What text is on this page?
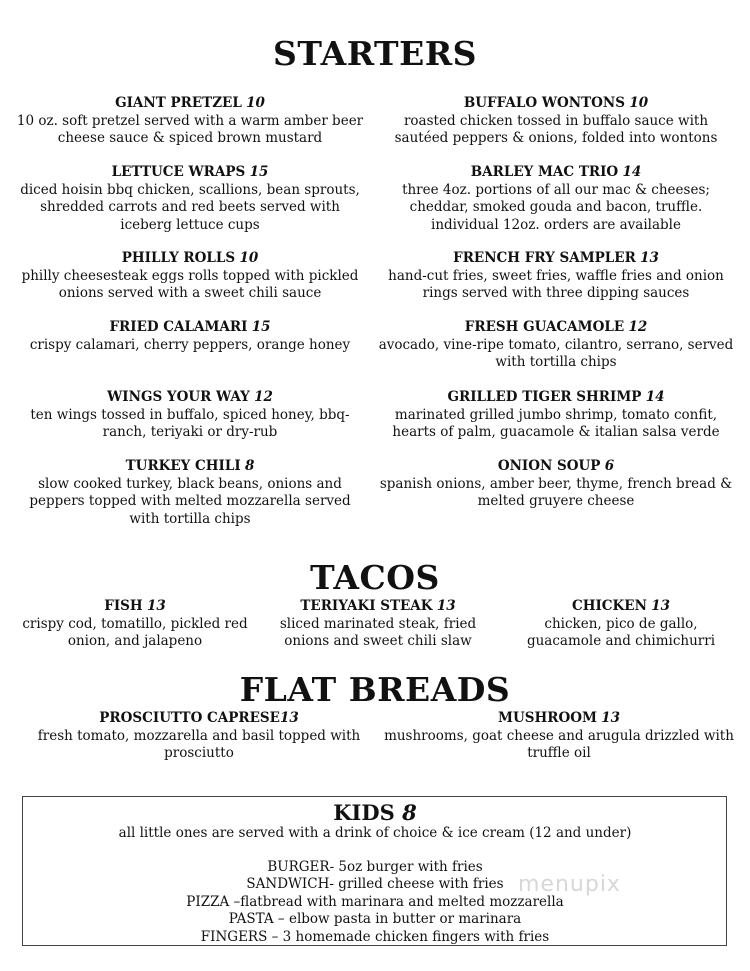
STARTERS
GIANT PRETZEL 10
10 oz. soft pretzel served with a warm amber beer cheese sauce & spiced brown mustard
LETTUCE WRAPS 15
diced hoisin bbq chicken, scallions, bean sprouts, shredded carrots and red beets served with iceberg lettuce cups
PHILLY ROLLS 10
philly cheesesteak eggs rolls topped with pickled onions served with a sweet chili sauce
FRIED CALAMARI 15
crispy calamari, cherry peppers, orange honey
WINGS YOUR WAY 12
ten wings tossed in buffalo, spiced honey, bbq-ranch, teriyaki or dry-rub
TURKEY CHILI 8
slow cooked turkey, black beans, onions and peppers topped with melted mozzarella served with tortilla chips
BUFFALO WONTONS 10
roasted chicken tossed in buffalo sauce with sautéed peppers & onions, folded into wontons
BARLEY MAC TRIO 14
three 4oz. portions of all our mac & cheeses; cheddar, smoked gouda and bacon, truffle. individual 12oz. orders are available
FRENCH FRY SAMPLER 13
hand-cut fries, sweet fries, waffle fries and onion rings served with three dipping sauces
FRESH GUACAMOLE 12
avocado, vine-ripe tomato, cilantro, serrano, served with tortilla chips
GRILLED TIGER SHRIMP 14
marinated grilled jumbo shrimp, tomato confit, hearts of palm, guacamole & italian salsa verde
ONION SOUP 6
spanish onions, amber beer, thyme, french bread & melted gruyere cheese
TACOS
FISH 13
crispy cod, tomatillo, pickled red onion, and jalapeno
TERIYAKI STEAK 13
sliced marinated steak, fried onions and sweet chili slaw
CHICKEN 13
chicken, pico de gallo, guacamole and chimichurri
FLAT BREADS
PROSCIUTTO CAPRESE13
fresh tomato, mozzarella and basil topped with prosciutto
MUSHROOM 13
mushrooms, goat cheese and arugula drizzled with truffle oil
KIDS 8
all little ones are served with a drink of choice & ice cream (12 and under)
BURGER- 5oz burger with fries
SANDWICH- grilled cheese with fries
PIZZA –flatbread with marinara and melted mozzarella
PASTA – elbow pasta in butter or marinara
FINGERS – 3 homemade chicken fingers with fries
menupix
